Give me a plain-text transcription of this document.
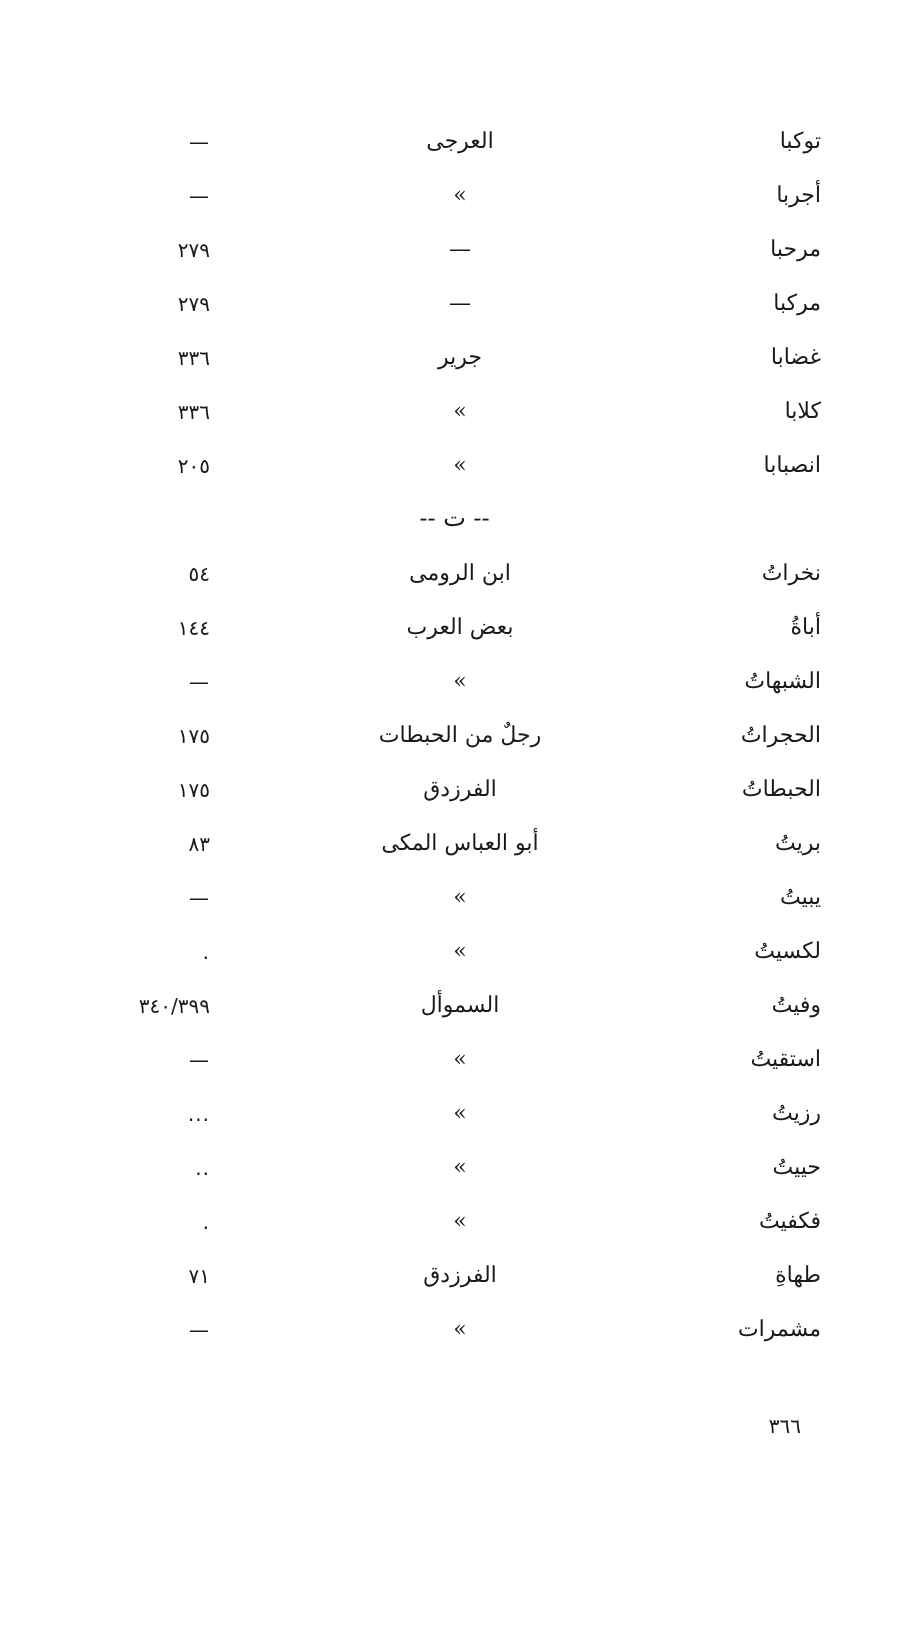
توكبا
العرجى
—
أجربا
»
—
مرحبا
—
٢٧٩
مركبا
—
٢٧٩
غضابا
جرير
٣٣٦
كلابا
»
٣٣٦
انصبابا
»
٢٠٥
-- ت --
نخراتُ
ابن الرومى
٥٤
أباةُ
بعض العرب
١٤٤
الشبهاتُ
»
—
الحجراتُ
رجلٌ من الحبطات
١٧٥
الحبطاتُ
الفرزدق
١٧٥
بريتُ
أبو العباس المكى
٨٣
يبيتُ
»
—
لكسيتُ
»
.
وفيتُ
السموأل
٣٤٠/٣٩٩
استقيتُ
»
—
رزيتُ
»
...
حييتُ
»
..
فكفيتُ
»
.
طهاةِ
الفرزدق
٧١
مشمرات
»
—
٣٦٦
